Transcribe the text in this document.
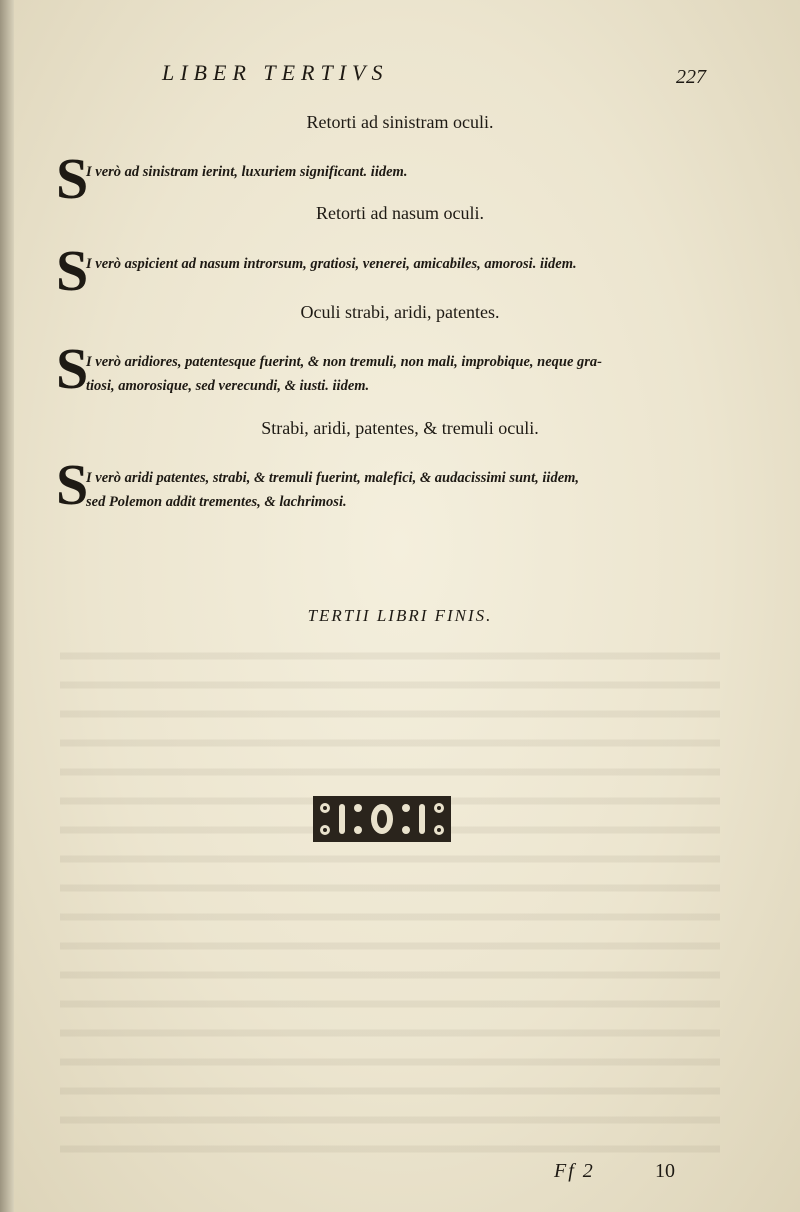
LIBER TERTIVS	227
Retorti ad sinistram oculi.
S
I verò ad sinistram ierint, luxuriem significant. iidem.
Retorti ad nasum oculi.
S
I verò aspicient ad nasum introrsum, gratiosi, venerei, amicabiles, amorosi. iidem.
Oculi strabi, aridi, patentes.
S
I verò aridiores, patentesque fuerint, & non tremuli, non mali, improbique, neque gra-
tiosi, amorosique, sed verecundi, & iusti. iidem.
Strabi, aridi, patentes, & tremuli oculi.
S
I verò aridi patentes, strabi, & tremuli fuerint, malefici, & audacissimi sunt, iidem,
sed Polemon addit trementes, & lachrimosi.
TERTII LIBRI FINIS.
Ff 2	10
